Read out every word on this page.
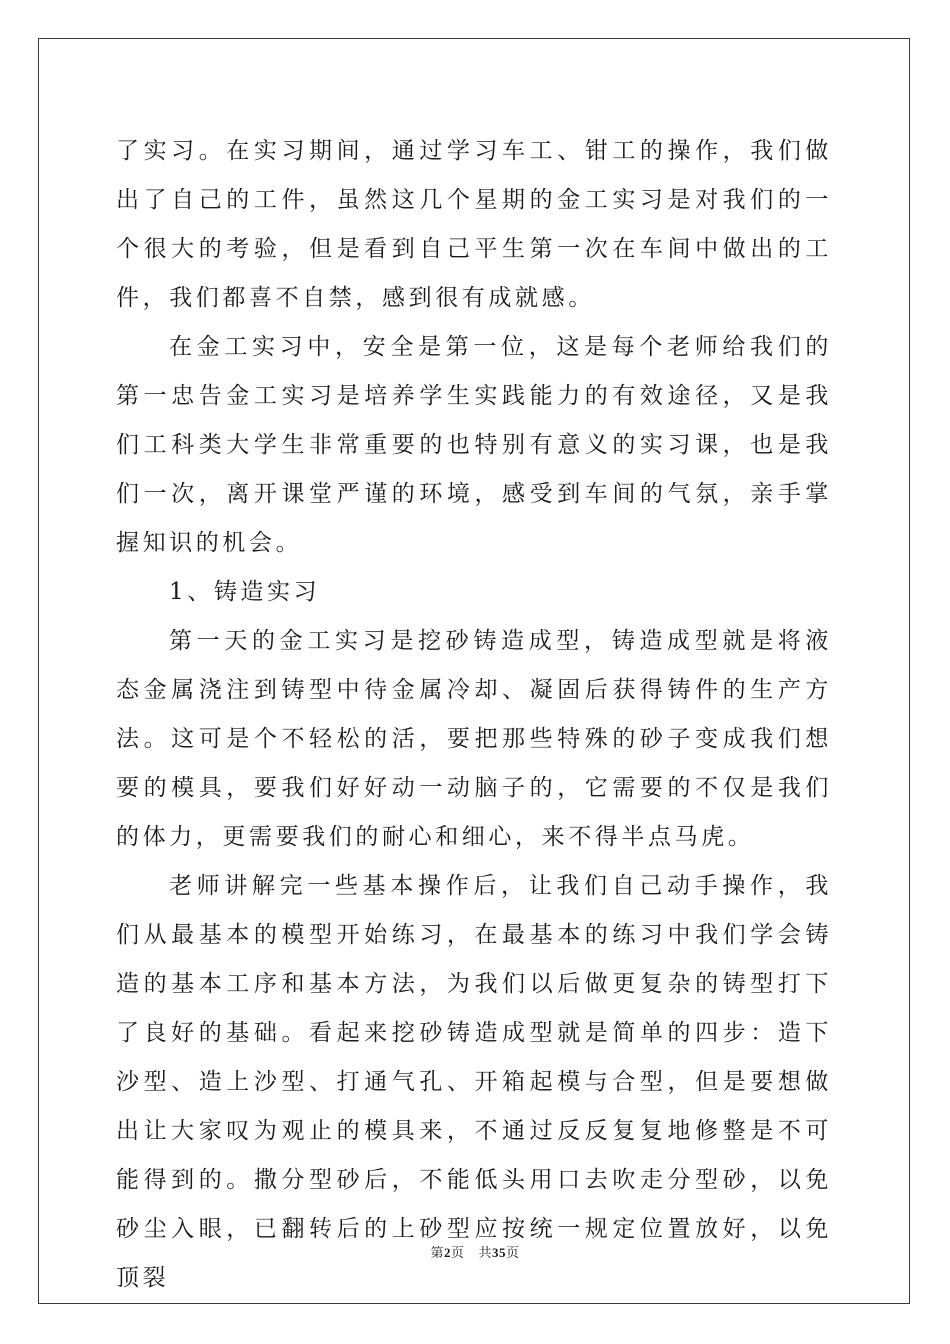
了实习。在实习期间，通过学习车工、钳工的操作，我们做出了自己的工件，虽然这几个星期的金工实习是对我们的一个很大的考验，但是看到自己平生第一次在车间中做出的工件，我们都喜不自禁，感到很有成就感。

在金工实习中，安全是第一位，这是每个老师给我们的第一忠告金工实习是培养学生实践能力的有效途径，又是我们工科类大学生非常重要的也特别有意义的实习课，也是我们一次，离开课堂严谨的环境，感受到车间的气氛，亲手掌握知识的机会。

1、铸造实习

第一天的金工实习是挖砂铸造成型，铸造成型就是将液态金属浇注到铸型中待金属冷却、凝固后获得铸件的生产方法。这可是个不轻松的活，要把那些特殊的砂子变成我们想要的模具，要我们好好动一动脑子的，它需要的不仅是我们的体力，更需要我们的耐心和细心，来不得半点马虎。

老师讲解完一些基本操作后，让我们自己动手操作，我们从最基本的模型开始练习，在最基本的练习中我们学会铸造的基本工序和基本方法，为我们以后做更复杂的铸型打下了良好的基础。看起来挖砂铸造成型就是简单的四步：造下沙型、造上沙型、打通气孔、开箱起模与合型，但是要想做出让大家叹为观止的模具来，不通过反反复复地修整是不可能得到的。撒分型砂后，不能低头用口去吹走分型砂，以免砂尘入眼，已翻转后的上砂型应按统一规定位置放好，以免顶裂

第2页 共35页
